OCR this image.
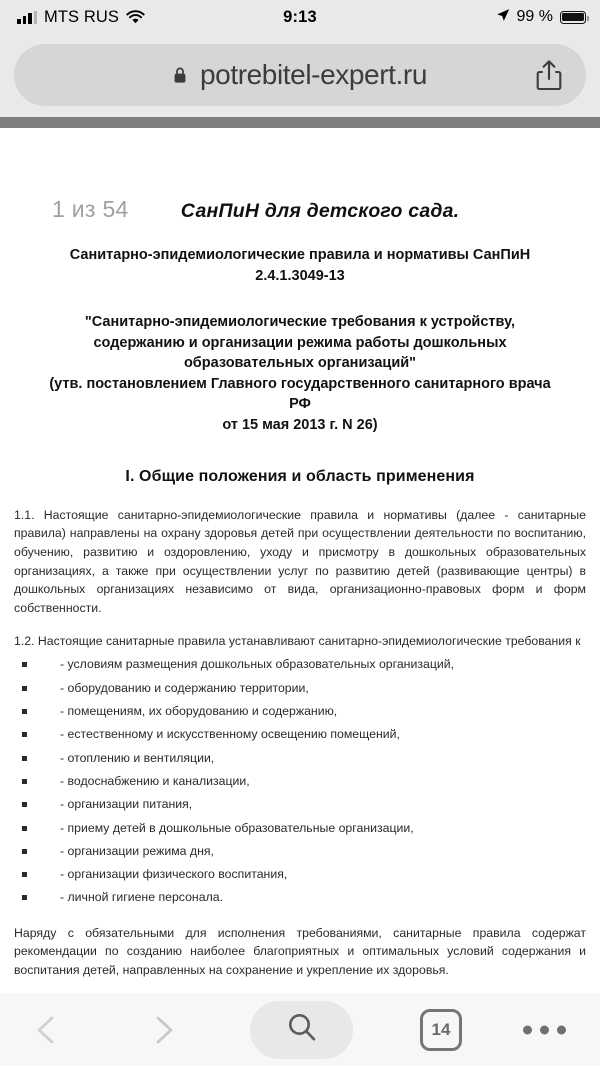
MTS RUS	9:13	99 %
potrebitel-expert.ru
1 из 54	СанПиН для детского сада.
Санитарно-эпидемиологические правила и нормативы СанПиН 2.4.1.3049-13
"Санитарно-эпидемиологические требования к устройству,
содержанию и организации режима работы дошкольных
образовательных организаций"
(утв. постановлением Главного государственного санитарного врача
РФ
от 15 мая 2013 г. N 26)
I. Общие положения и область применения

1.1. Настоящие санитарно-эпидемиологические правила и нормативы (далее - санитарные правила) направлены на охрану здоровья детей при осуществлении деятельности по воспитанию, обучению, развитию и оздоровлению, уходу и присмотру в дошкольных образовательных организациях, а также при осуществлении услуг по развитию детей (развивающие центры) в дошкольных организациях независимо от вида, организационно-правовых форм и форм собственности.

1.2. Настоящие санитарные правила устанавливают санитарно-эпидемиологические требования к

- условиям размещения дошкольных образовательных организаций,
- оборудованию и содержанию территории,
- помещениям, их оборудованию и содержанию,
- естественному и искусственному освещению помещений,
- отоплению и вентиляции,
- водоснабжению и канализации,
- организации питания,
- приему детей в дошкольные образовательные организации,
- организации режима дня,
- организации физического воспитания,
- личной гигиене персонала.

Наряду с обязательными для исполнения требованиями, санитарные правила содержат рекомендации по созданию наиболее благоприятных и оптимальных условий содержания и воспитания детей, направленных на сохранение и укрепление их здоровья.

14
